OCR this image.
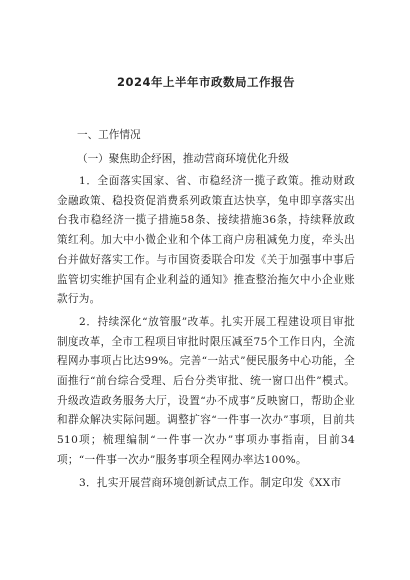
2024年上半年市政数局工作报告
一、工作情况
（一）聚焦助企纾困，推动营商环境优化升级

1．全面落实国家、省、市稳经济一揽子政策。推动财政金融政策、稳投资促消费系列政策直达快享，兔申即享落实出台我市稳经济一揽子措施58条、接续措施36条，持续释放政策红利。加大中小微企业和个体工商户房租减免力度，牵头出台并做好落实工作。与市国资委联合印发《关于加强事中事后监管切实维护国有企业利益的通知》推查整治拖欠中小企业账款行为。

2．持续深化“放管服”改革。扎实开展工程建设项目审批制度改革，全市工程项目审批时限压减至75个工作日内，全流程网办事项占比达99%。完善“一站式”便民服务中心功能，全面推行“前台综合受理、后台分类审批、统一窗口出件”模式。升级改造政务服务大厅，设置“办不成事”反映窗口，帮助企业和群众解决实际问题。调整扩容“一件事一次办”事项，目前共510项；梳理编制“一件事一次办”事项办事指南，目前34项；“一件事一次办”服务事项全程网办率达100%。

3．扎实开展营商环境创新试点工作。制定印发《XX市
